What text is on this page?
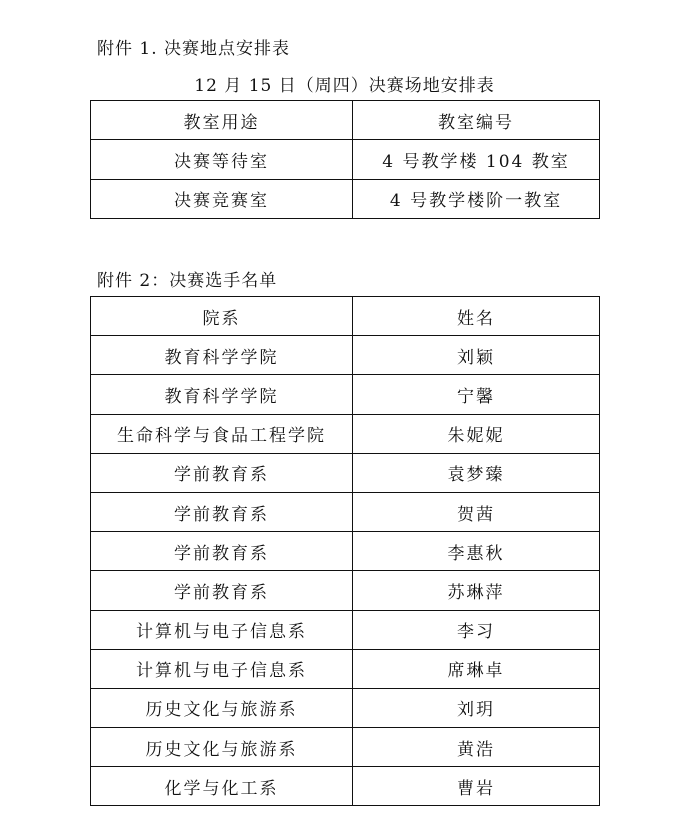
附件 1. 决赛地点安排表
12 月 15 日（周四）决赛场地安排表
教室用途	教室编号
决赛等待室	4 号教学楼 104 教室
决赛竞赛室	4 号教学楼阶一教室
附件 2：决赛选手名单
院系	姓名
教育科学学院	刘颖
教育科学学院	宁馨
生命科学与食品工程学院	朱妮妮
学前教育系	袁梦臻
学前教育系	贺茜
学前教育系	李惠秋
学前教育系	苏琳萍
计算机与电子信息系	李习
计算机与电子信息系	席琳卓
历史文化与旅游系	刘玥
历史文化与旅游系	黄浩
化学与化工系	曹岩
